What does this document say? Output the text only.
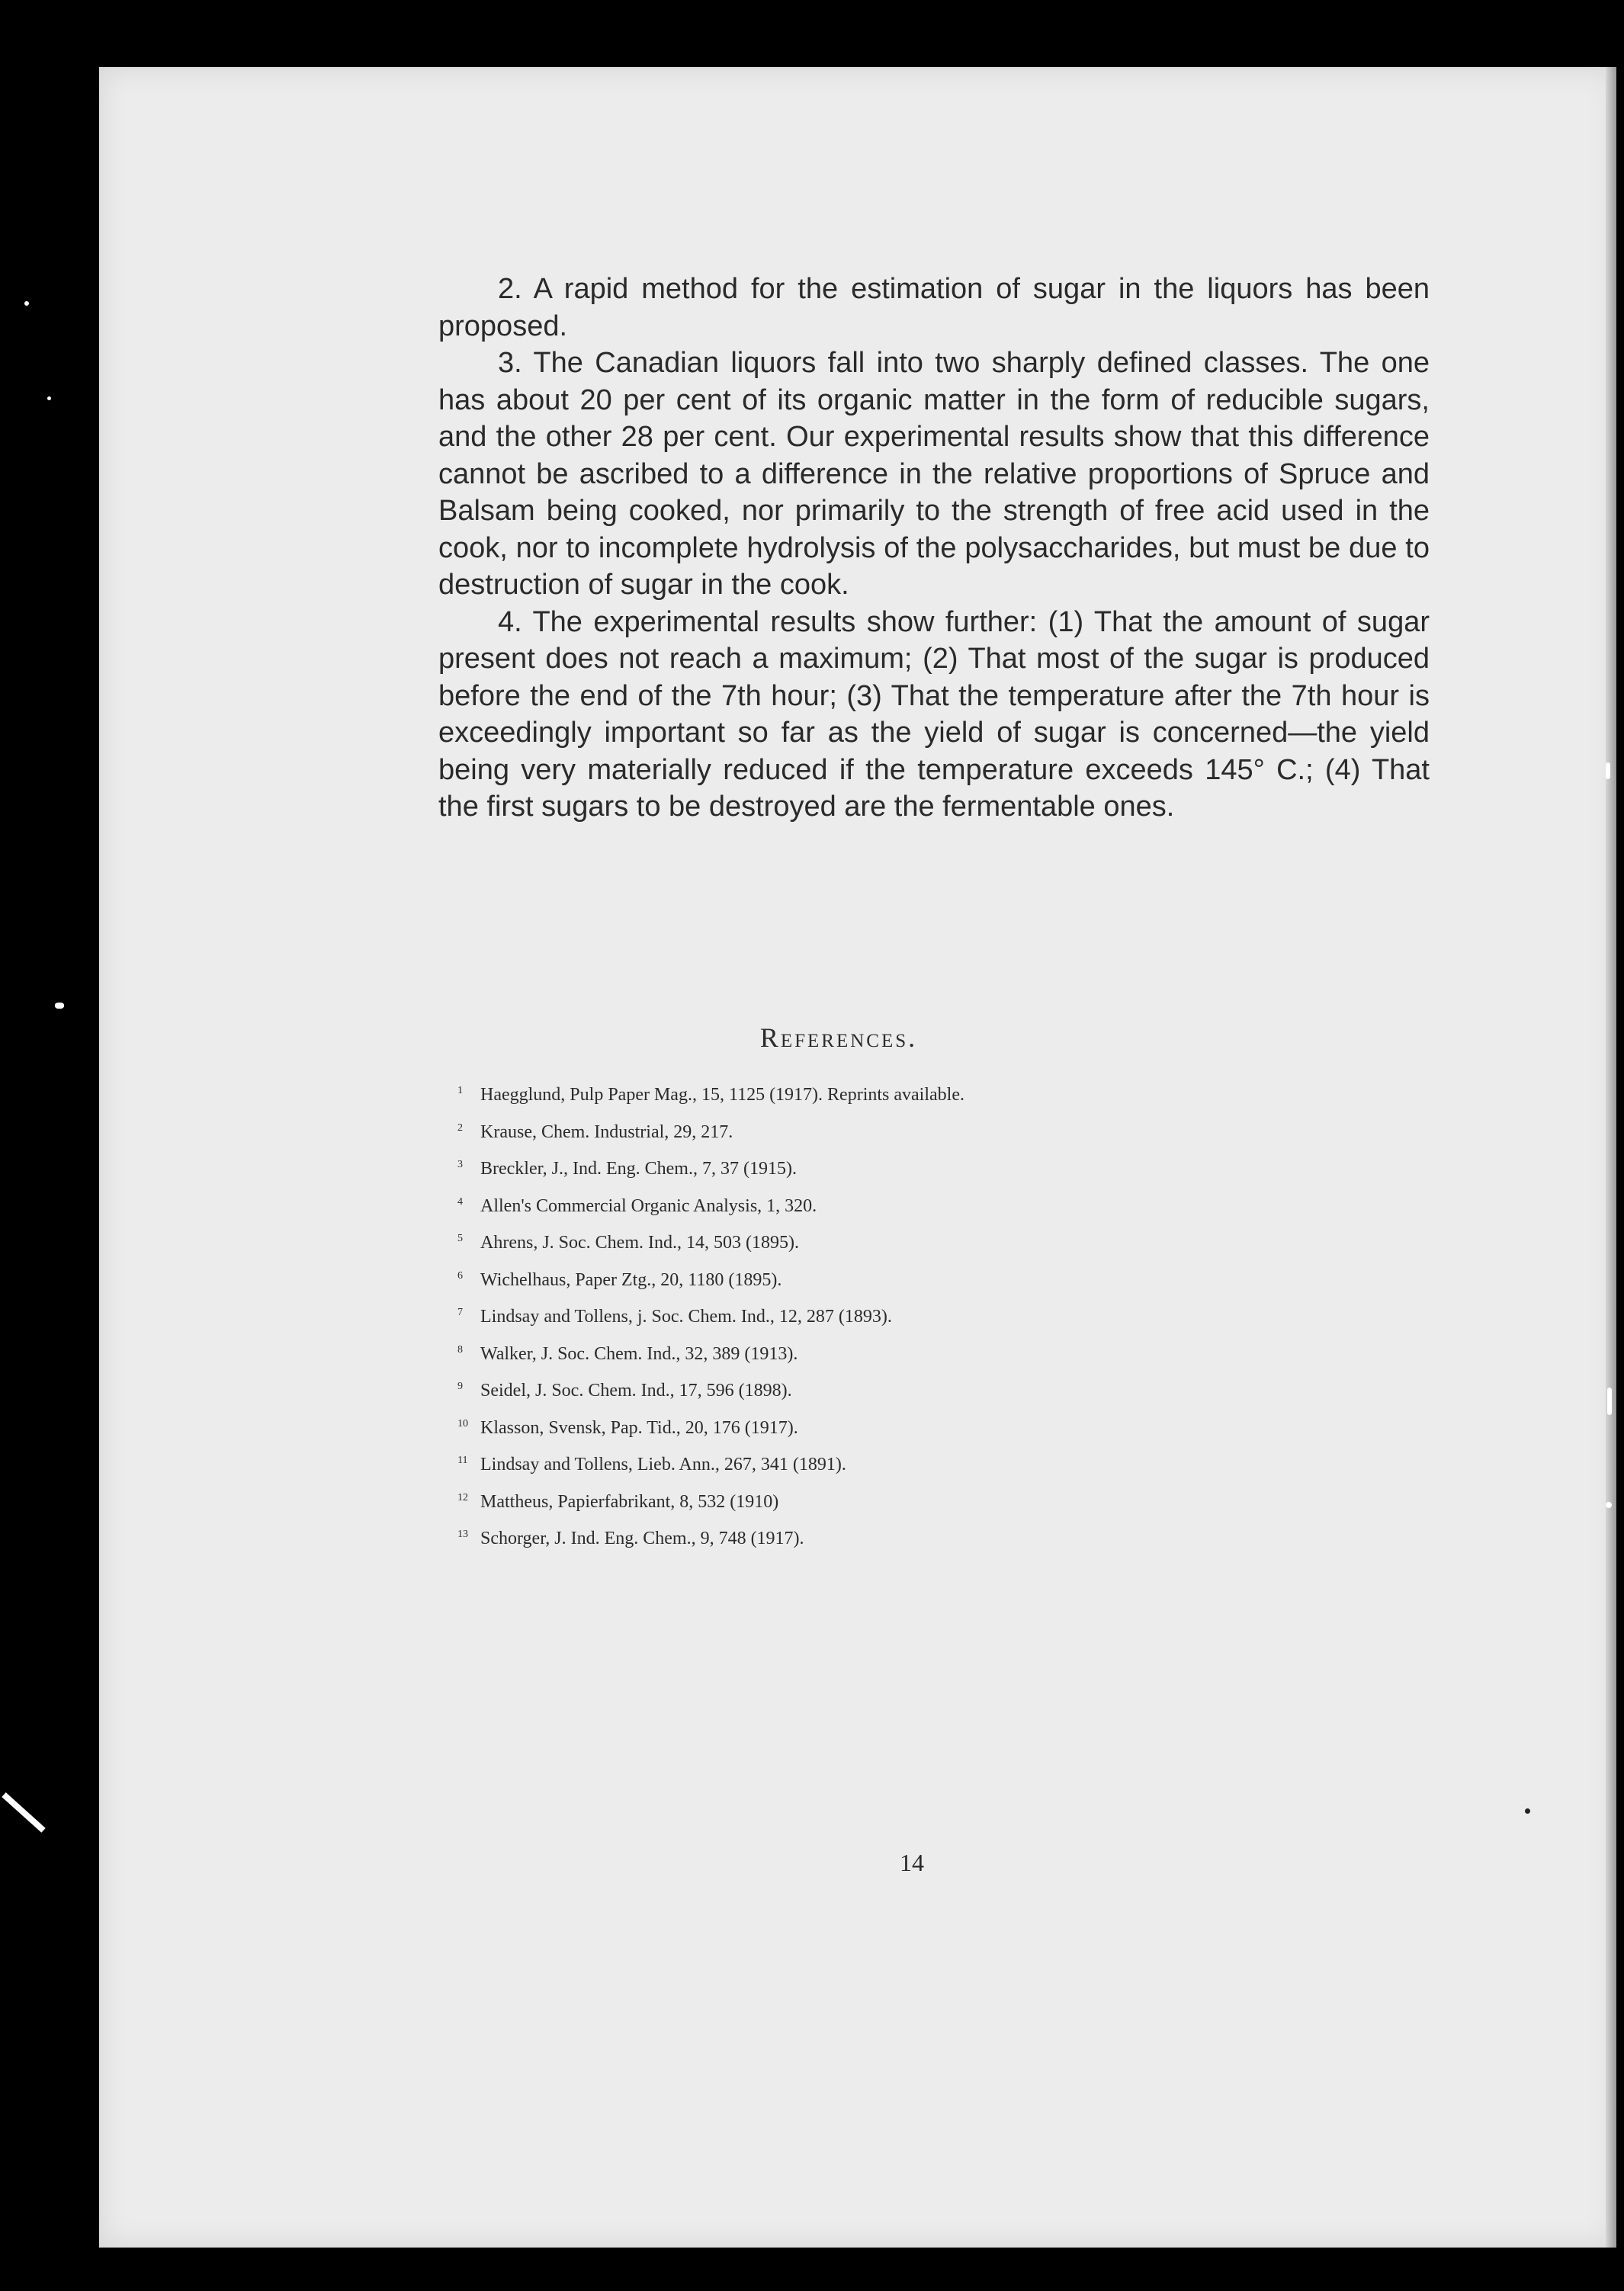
2. A rapid method for the estimation of sugar in the liquors has been proposed.

3. The Canadian liquors fall into two sharply defined classes. The one has about 20 per cent of its organic matter in the form of reducible sugars, and the other 28 per cent. Our experimental results show that this difference cannot be ascribed to a difference in the relative proportions of Spruce and Balsam being cooked, nor primarily to the strength of free acid used in the cook, nor to incomplete hydrolysis of the polysaccharides, but must be due to destruction of sugar in the cook.

4. The experimental results show further: (1) That the amount of sugar present does not reach a maximum; (2) That most of the sugar is produced before the end of the 7th hour; (3) That the temperature after the 7th hour is exceedingly important so far as the yield of sugar is concerned—the yield being very materially reduced if the temperature exceeds 145° C.; (4) That the first sugars to be destroyed are the fermentable ones.

References.
1 Haegglund, Pulp Paper Mag., 15, 1125 (1917). Reprints available.
2 Krause, Chem. Industrial, 29, 217.
3 Breckler, J., Ind. Eng. Chem., 7, 37 (1915).
4 Allen's Commercial Organic Analysis, 1, 320.
5 Ahrens, J. Soc. Chem. Ind., 14, 503 (1895).
6 Wichelhaus, Paper Ztg., 20, 1180 (1895).
7 Lindsay and Tollens, j. Soc. Chem. Ind., 12, 287 (1893).
8 Walker, J. Soc. Chem. Ind., 32, 389 (1913).
9 Seidel, J. Soc. Chem. Ind., 17, 596 (1898).
10 Klasson, Svensk, Pap. Tid., 20, 176 (1917).
11 Lindsay and Tollens, Lieb. Ann., 267, 341 (1891).
12 Mattheus, Papierfabrikant, 8, 532 (1910)
13 Schorger, J. Ind. Eng. Chem., 9, 748 (1917).
14
